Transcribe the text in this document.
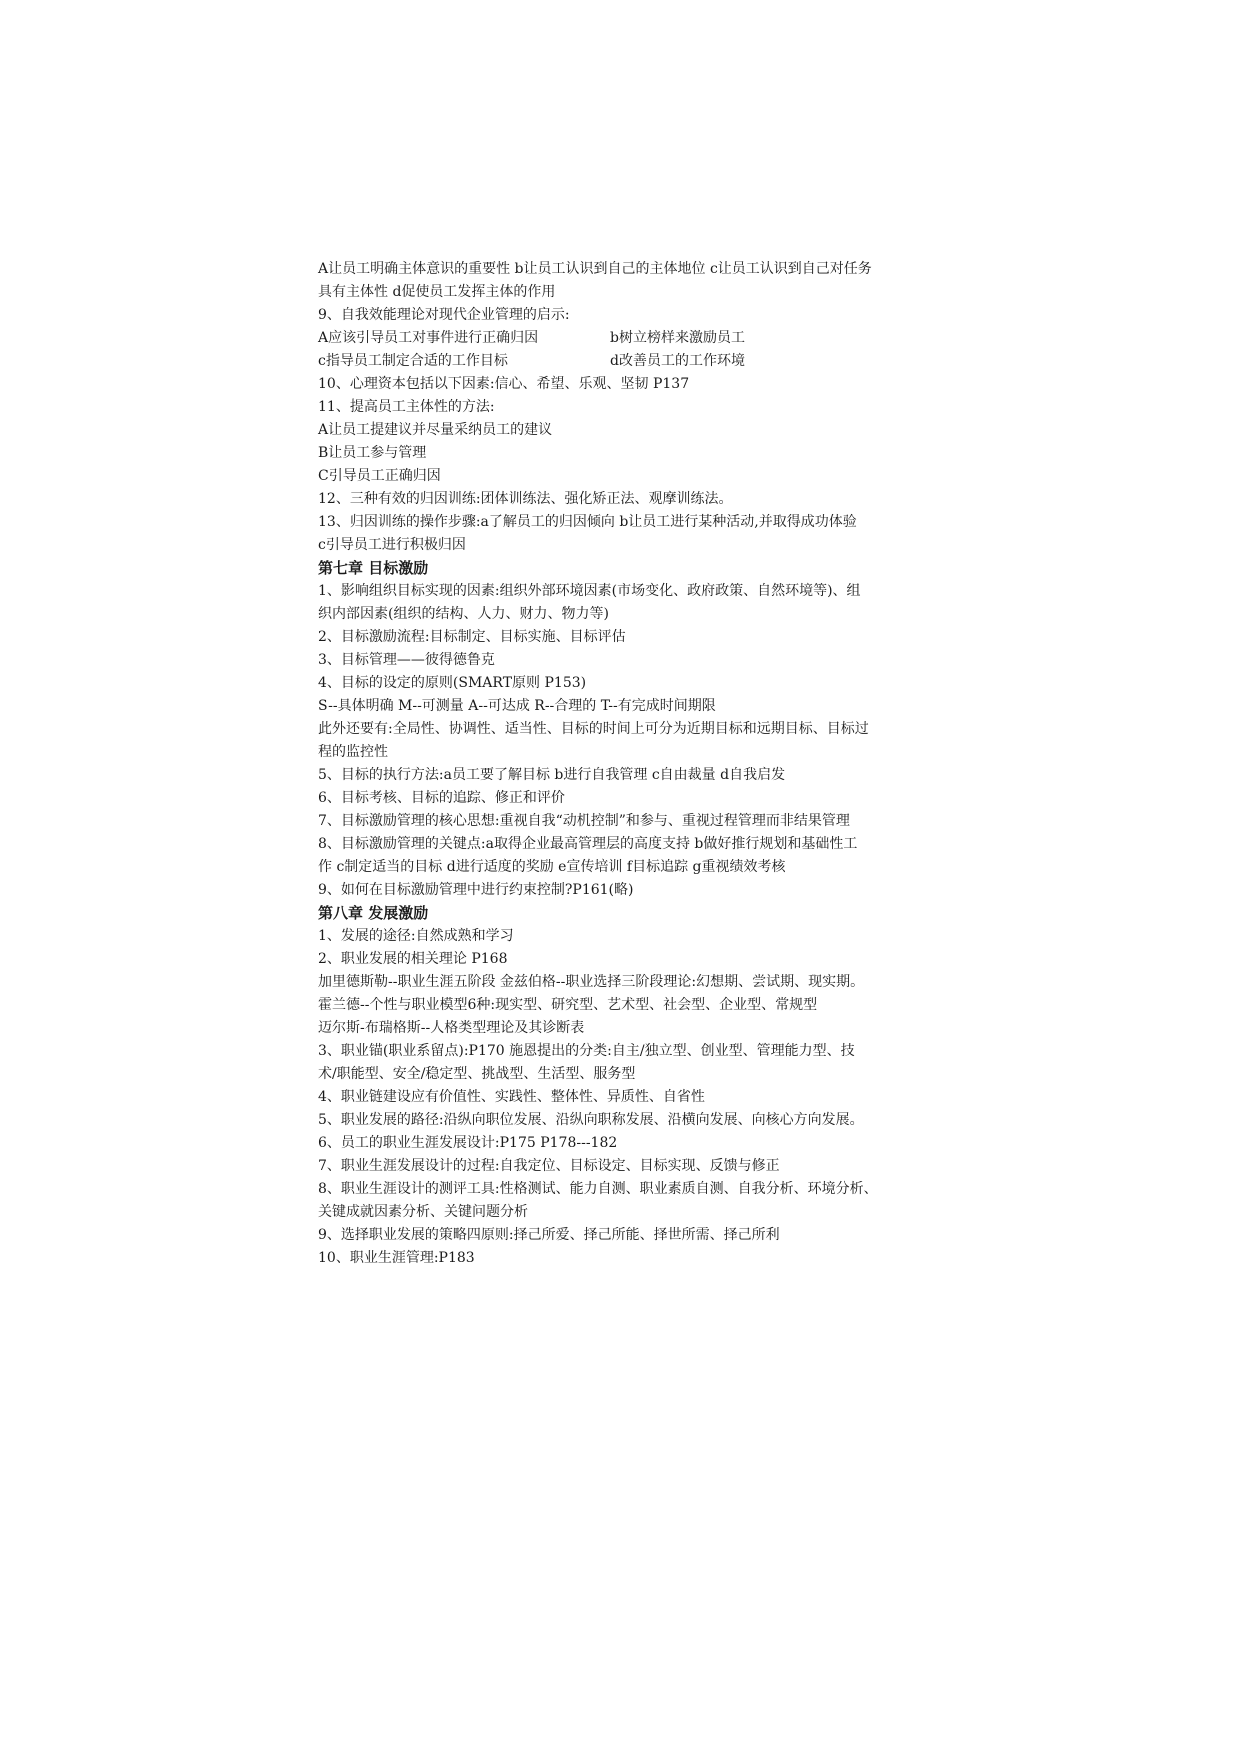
A让员工明确主体意识的重要性 b让员工认识到自己的主体地位 c让员工认识到自己对任务
具有主体性 d促使员工发挥主体的作用
9、自我效能理论对现代企业管理的启示:
A应该引导员工对事件进行正确归因	b树立榜样来激励员工
c指导员工制定合适的工作目标	d改善员工的工作环境
10、心理资本包括以下因素:信心、希望、乐观、坚韧 P137
11、提高员工主体性的方法:
A让员工提建议并尽量采纳员工的建议
B让员工参与管理
C引导员工正确归因
12、三种有效的归因训练:团体训练法、强化矫正法、观摩训练法。
13、归因训练的操作步骤:a了解员工的归因倾向 b让员工进行某种活动,并取得成功体验
c引导员工进行积极归因
第七章 目标激励
1、影响组织目标实现的因素:组织外部环境因素(市场变化、政府政策、自然环境等)、组
织内部因素(组织的结构、人力、财力、物力等)
2、目标激励流程:目标制定、目标实施、目标评估
3、目标管理——彼得德鲁克
4、目标的设定的原则(SMART原则 P153)
S--具体明确 M--可测量 A--可达成 R--合理的 T--有完成时间期限
此外还要有:全局性、协调性、适当性、目标的时间上可分为近期目标和远期目标、目标过
程的监控性
5、目标的执行方法:a员工要了解目标 b进行自我管理 c自由裁量 d自我启发
6、目标考核、目标的追踪、修正和评价
7、目标激励管理的核心思想:重视自我“动机控制”和参与、重视过程管理而非结果管理
8、目标激励管理的关键点:a取得企业最高管理层的高度支持 b做好推行规划和基础性工
作 c制定适当的目标 d进行适度的奖励 e宣传培训 f目标追踪 g重视绩效考核
9、如何在目标激励管理中进行约束控制?P161(略)
第八章 发展激励
1、发展的途径:自然成熟和学习
2、职业发展的相关理论 P168
加里德斯勒--职业生涯五阶段 金兹伯格--职业选择三阶段理论:幻想期、尝试期、现实期。
霍兰德--个性与职业模型6种:现实型、研究型、艺术型、社会型、企业型、常规型
迈尔斯-布瑞格斯--人格类型理论及其诊断表
3、职业锚(职业系留点):P170 施恩提出的分类:自主/独立型、创业型、管理能力型、技
术/职能型、安全/稳定型、挑战型、生活型、服务型
4、职业链建设应有价值性、实践性、整体性、异质性、自省性
5、职业发展的路径:沿纵向职位发展、沿纵向职称发展、沿横向发展、向核心方向发展。
6、员工的职业生涯发展设计:P175 P178---182
7、职业生涯发展设计的过程:自我定位、目标设定、目标实现、反馈与修正
8、职业生涯设计的测评工具:性格测试、能力自测、职业素质自测、自我分析、环境分析、
关键成就因素分析、关键问题分析
9、选择职业发展的策略四原则:择己所爱、择己所能、择世所需、择己所利
10、职业生涯管理:P183
